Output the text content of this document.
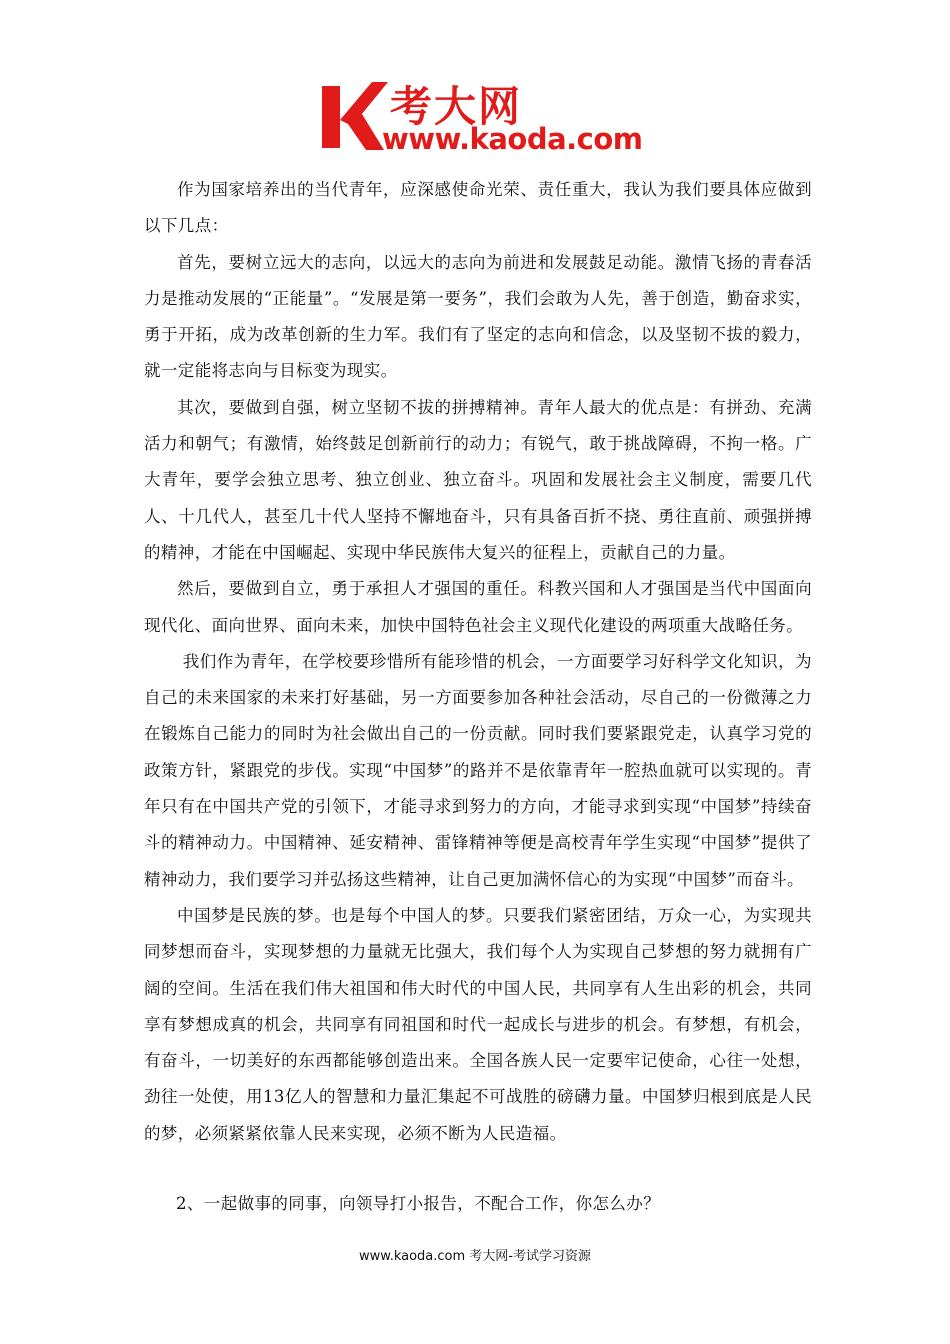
考大网
www.kaoda.com

作为国家培养出的当代青年，应深感使命光荣、责任重大，我认为我们要具体应做到以下几点：

首先，要树立远大的志向，以远大的志向为前进和发展鼓足动能。激情飞扬的青春活力是推动发展的“正能量”。“发展是第一要务”，我们会敢为人先，善于创造，勤奋求实，勇于开拓，成为改革创新的生力军。我们有了坚定的志向和信念，以及坚韧不拔的毅力，就一定能将志向与目标变为现实。

其次，要做到自强，树立坚韧不拔的拼搏精神。青年人最大的优点是：有拼劲、充满活力和朝气；有激情，始终鼓足创新前行的动力；有锐气，敢于挑战障碍，不拘一格。广大青年，要学会独立思考、独立创业、独立奋斗。巩固和发展社会主义制度，需要几代人、十几代人，甚至几十代人坚持不懈地奋斗，只有具备百折不挠、勇往直前、顽强拼搏的精神，才能在中国崛起、实现中华民族伟大复兴的征程上，贡献自己的力量。

然后，要做到自立，勇于承担人才强国的重任。科教兴国和人才强国是当代中国面向现代化、面向世界、面向未来，加快中国特色社会主义现代化建设的两项重大战略任务。

我们作为青年，在学校要珍惜所有能珍惜的机会，一方面要学习好科学文化知识，为自己的未来国家的未来打好基础，另一方面要参加各种社会活动，尽自己的一份微薄之力在锻炼自己能力的同时为社会做出自己的一份贡献。同时我们要紧跟党走，认真学习党的政策方针，紧跟党的步伐。实现“中国梦”的路并不是依靠青年一腔热血就可以实现的。青年只有在中国共产党的引领下，才能寻求到努力的方向，才能寻求到实现“中国梦”持续奋斗的精神动力。中国精神、延安精神、雷锋精神等便是高校青年学生实现“中国梦”提供了精神动力，我们要学习并弘扬这些精神，让自己更加满怀信心的为实现“中国梦”而奋斗。

中国梦是民族的梦。也是每个中国人的梦。只要我们紧密团结，万众一心，为实现共同梦想而奋斗，实现梦想的力量就无比强大，我们每个人为实现自己梦想的努力就拥有广阔的空间。生活在我们伟大祖国和伟大时代的中国人民，共同享有人生出彩的机会，共同享有梦想成真的机会，共同享有同祖国和时代一起成长与进步的机会。有梦想，有机会，有奋斗，一切美好的东西都能够创造出来。全国各族人民一定要牢记使命，心往一处想，劲往一处使，用13亿人的智慧和力量汇集起不可战胜的磅礴力量。中国梦归根到底是人民的梦，必须紧紧依靠人民来实现，必须不断为人民造福。

2、一起做事的同事，向领导打小报告，不配合工作，你怎么办？
www.kaoda.com 考大网-考试学习资源
